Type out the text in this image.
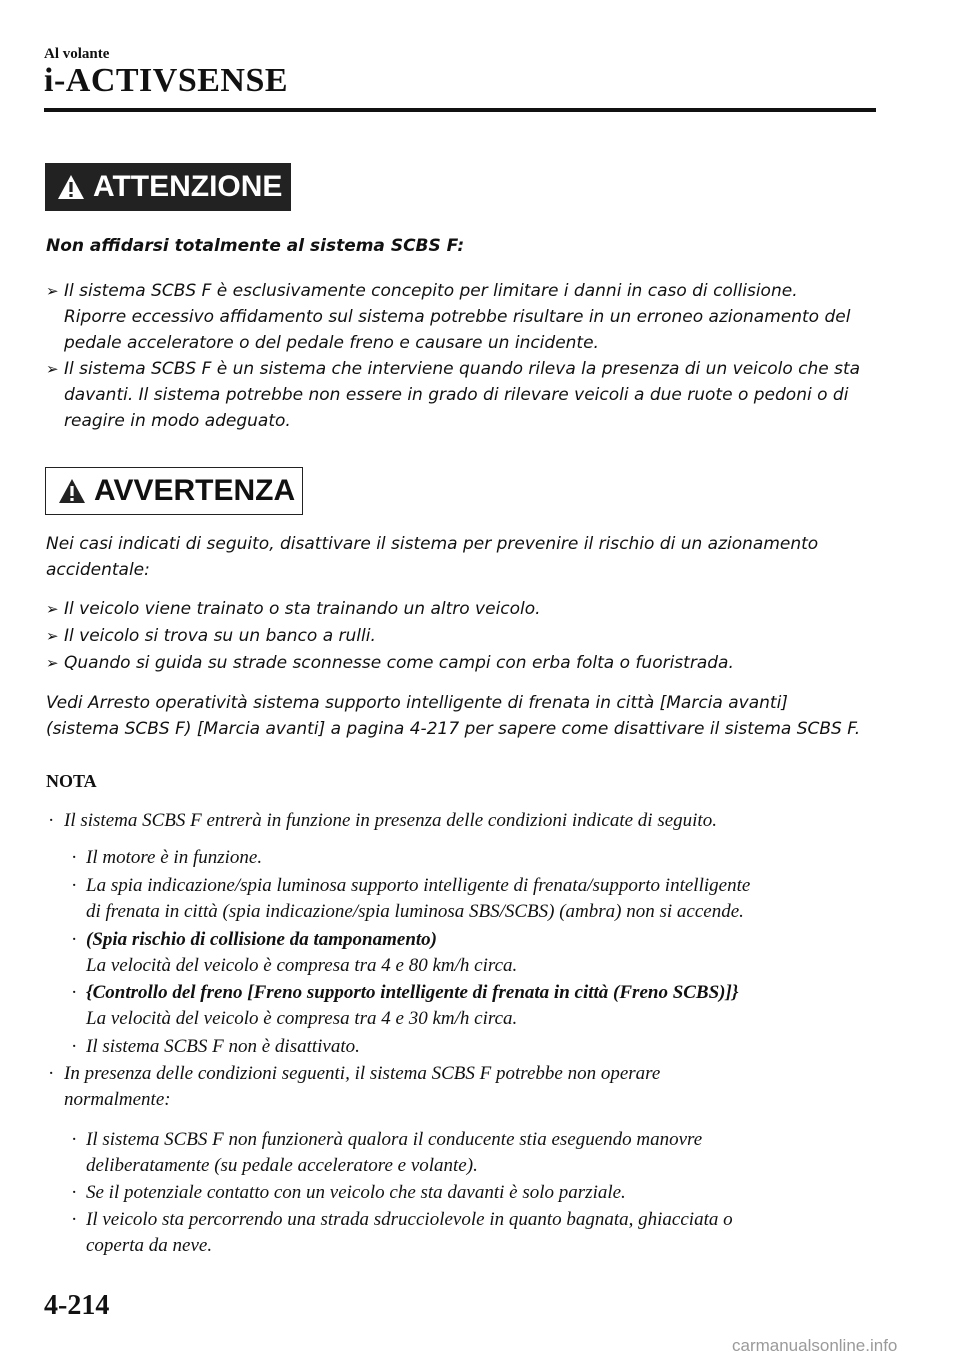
Al volante
i-ACTIVSENSE
ATTENZIONE
Non affidarsi totalmente al sistema SCBS F:
➢ Il sistema SCBS F è esclusivamente concepito per limitare i danni in caso di collisione.
Riporre eccessivo affidamento sul sistema potrebbe risultare in un erroneo azionamento del
pedale acceleratore o del pedale freno e causare un incidente.
➢ Il sistema SCBS F è un sistema che interviene quando rileva la presenza di un veicolo che sta
davanti. Il sistema potrebbe non essere in grado di rilevare veicoli a due ruote o pedoni o di
reagire in modo adeguato.
AVVERTENZA
Nei casi indicati di seguito, disattivare il sistema per prevenire il rischio di un azionamento
accidentale:
➢ Il veicolo viene trainato o sta trainando un altro veicolo.
➢ Il veicolo si trova su un banco a rulli.
➢ Quando si guida su strade sconnesse come campi con erba folta o fuoristrada.
Vedi Arresto operatività sistema supporto intelligente di frenata in città [Marcia avanti]
(sistema SCBS F) [Marcia avanti] a pagina 4-217 per sapere come disattivare il sistema SCBS F.
NOTA
· Il sistema SCBS F entrerà in funzione in presenza delle condizioni indicate di seguito.
· Il motore è in funzione.
· La spia indicazione/spia luminosa supporto intelligente di frenata/supporto intelligente
di frenata in città (spia indicazione/spia luminosa SBS/SCBS) (ambra) non si accende.
· (Spia rischio di collisione da tamponamento)
La velocità del veicolo è compresa tra 4 e 80 km/h circa.
· {Controllo del freno [Freno supporto intelligente di frenata in città (Freno SCBS)]}
La velocità del veicolo è compresa tra 4 e 30 km/h circa.
· Il sistema SCBS F non è disattivato.
· In presenza delle condizioni seguenti, il sistema SCBS F potrebbe non operare
normalmente:
· Il sistema SCBS F non funzionerà qualora il conducente stia eseguendo manovre
deliberatamente (su pedale acceleratore e volante).
· Se il potenziale contatto con un veicolo che sta davanti è solo parziale.
· Il veicolo sta percorrendo una strada sdrucciolevole in quanto bagnata, ghiacciata o
coperta da neve.
4-214
carmanualsonline.info
